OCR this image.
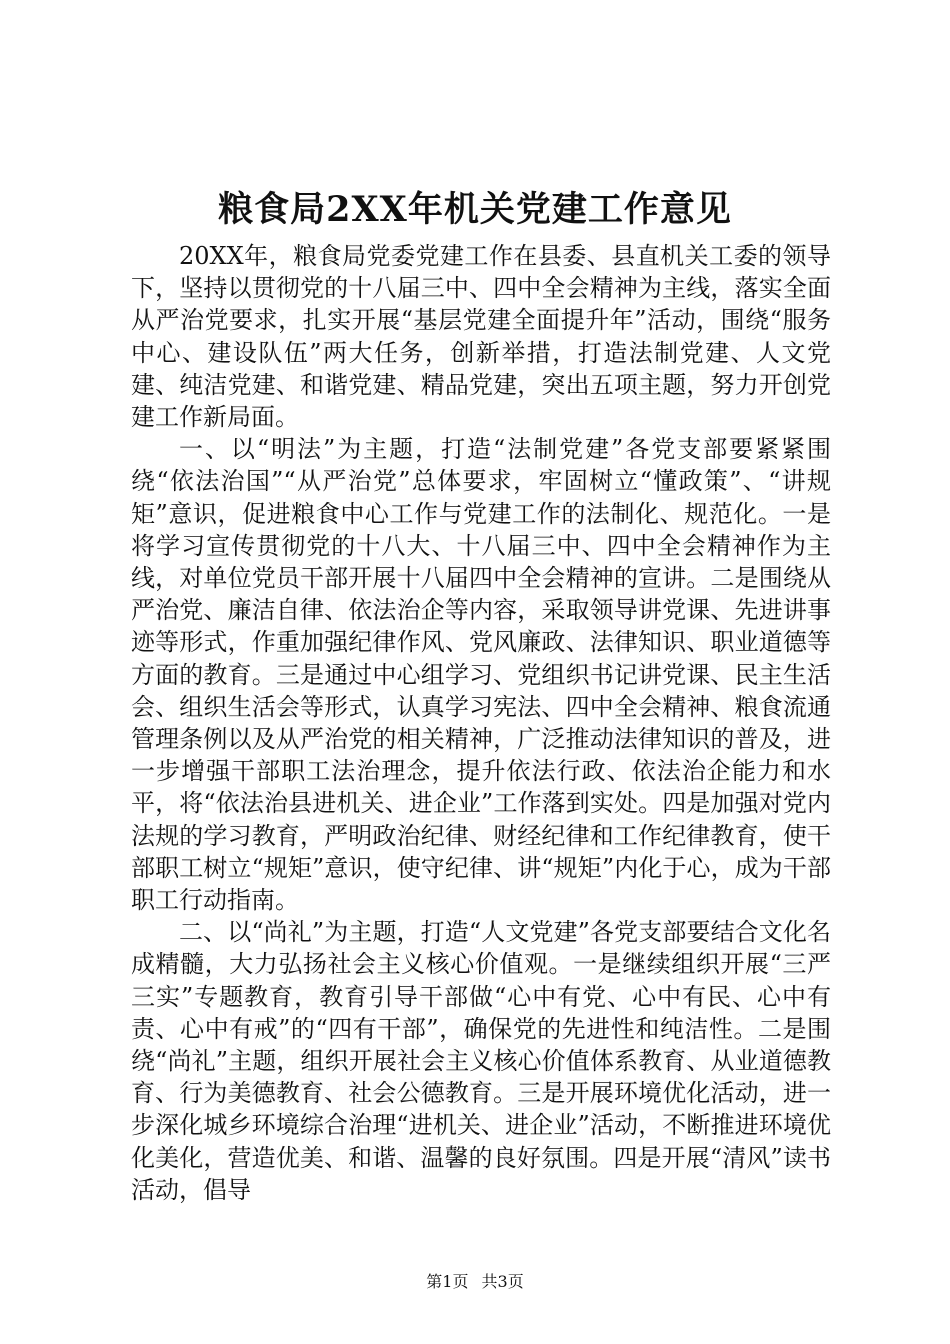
粮食局2XX年机关党建工作意见

20XX年，粮食局党委党建工作在县委、县直机关工委的领导下，坚持以贯彻党的十八届三中、四中全会精神为主线，落实全面从严治党要求，扎实开展“基层党建全面提升年”活动，围绕“服务中心、建设队伍”两大任务，创新举措，打造法制党建、人文党建、纯洁党建、和谐党建、精品党建，突出五项主题，努力开创党建工作新局面。

一、以“明法”为主题，打造“法制党建”各党支部要紧紧围绕“依法治国”“从严治党”总体要求，牢固树立“懂政策”、“讲规矩”意识，促进粮食中心工作与党建工作的法制化、规范化。一是将学习宣传贯彻党的十八大、十八届三中、四中全会精神作为主线，对单位党员干部开展十八届四中全会精神的宣讲。二是围绕从严治党、廉洁自律、依法治企等内容，采取领导讲党课、先进讲事迹等形式，作重加强纪律作风、党风廉政、法律知识、职业道德等方面的教育。三是通过中心组学习、党组织书记讲党课、民主生活会、组织生活会等形式，认真学习宪法、四中全会精神、粮食流通管理条例以及从严治党的相关精神，广泛推动法律知识的普及，进一步增强干部职工法治理念，提升依法行政、依法治企能力和水平，将“依法治县进机关、进企业”工作落到实处。四是加强对党内法规的学习教育，严明政治纪律、财经纪律和工作纪律教育，使干部职工树立“规矩”意识，使守纪律、讲“规矩”内化于心，成为干部职工行动指南。

二、以“尚礼”为主题，打造“人文党建”各党支部要结合文化名成精髓，大力弘扬社会主义核心价值观。一是继续组织开展“三严三实”专题教育，教育引导干部做“心中有党、心中有民、心中有责、心中有戒”的“四有干部”，确保党的先进性和纯洁性。二是围绕“尚礼”主题，组织开展社会主义核心价值体系教育、从业道德教育、行为美德教育、社会公德教育。三是开展环境优化活动，进一步深化城乡环境综合治理“进机关、进企业”活动，不断推进环境优化美化，营造优美、和谐、温馨的良好氛围。四是开展“清风”读书活动，倡导

第1页 共3页
